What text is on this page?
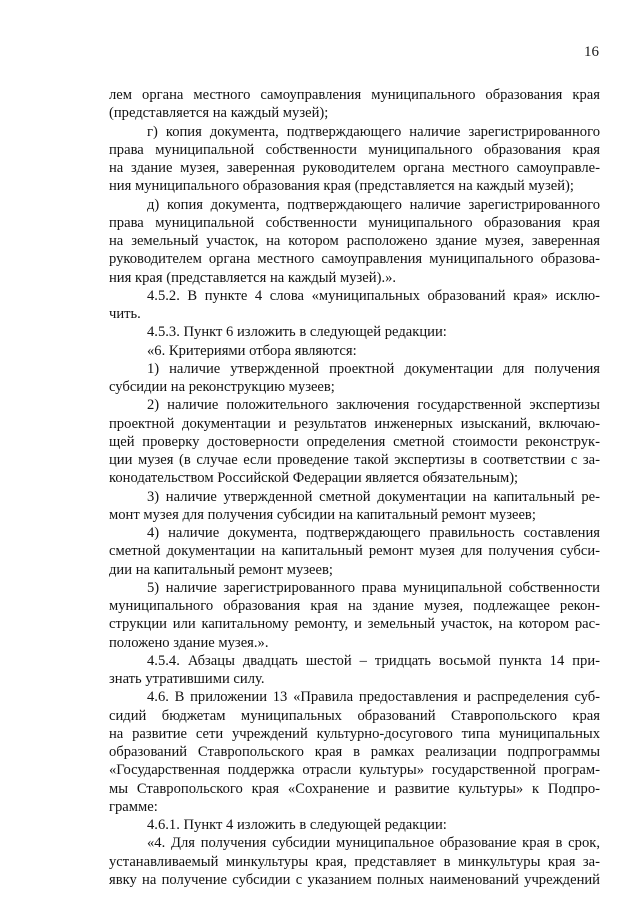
16
лем органа местного самоуправления муниципального образования края
(представляется на каждый музей);
г) копия документа, подтверждающего наличие зарегистрированного
права муниципальной собственности муниципального образования края
на здание музея, заверенная руководителем органа местного самоуправле-
ния муниципального образования края (представляется на каждый музей);
д) копия документа, подтверждающего наличие зарегистрированного
права муниципальной собственности муниципального образования края
на земельный участок, на котором расположено здание музея, заверенная
руководителем органа местного самоуправления муниципального образова-
ния края (представляется на каждый музей).».
4.5.2. В пункте 4 слова «муниципальных образований края» исклю-
чить.
4.5.3. Пункт 6 изложить в следующей редакции:
«6. Критериями отбора являются:
1) наличие утвержденной проектной документации для получения
субсидии на реконструкцию музеев;
2) наличие положительного заключения государственной экспертизы
проектной документации и результатов инженерных изысканий, включаю-
щей проверку достоверности определения сметной стоимости реконструк-
ции музея (в случае если проведение такой экспертизы в соответствии с за-
конодательством Российской Федерации является обязательным);
3) наличие утвержденной сметной документации на капитальный ре-
монт музея для получения субсидии на капитальный ремонт музеев;
4) наличие документа, подтверждающего правильность составления
сметной документации на капитальный ремонт музея для получения субси-
дии на капитальный ремонт музеев;
5) наличие зарегистрированного права муниципальной собственности
муниципального образования края на здание музея, подлежащее рекон-
струкции или капитальному ремонту, и земельный участок, на котором рас-
положено здание музея.».
4.5.4. Абзацы двадцать шестой – тридцать восьмой пункта 14 при-
знать утратившими силу.
4.6. В приложении 13 «Правила предоставления и распределения суб-
сидий бюджетам муниципальных образований Ставропольского края
на развитие сети учреждений культурно-досугового типа муниципальных
образований Ставропольского края в рамках реализации подпрограммы
«Государственная поддержка отрасли культуры» государственной програм-
мы Ставропольского края «Сохранение и развитие культуры» к Подпро-
грамме:
4.6.1. Пункт 4 изложить в следующей редакции:
«4. Для получения субсидии муниципальное образование края в срок,
устанавливаемый минкультуры края, представляет в минкультуры края за-
явку на получение субсидии с указанием полных наименований учреждений
